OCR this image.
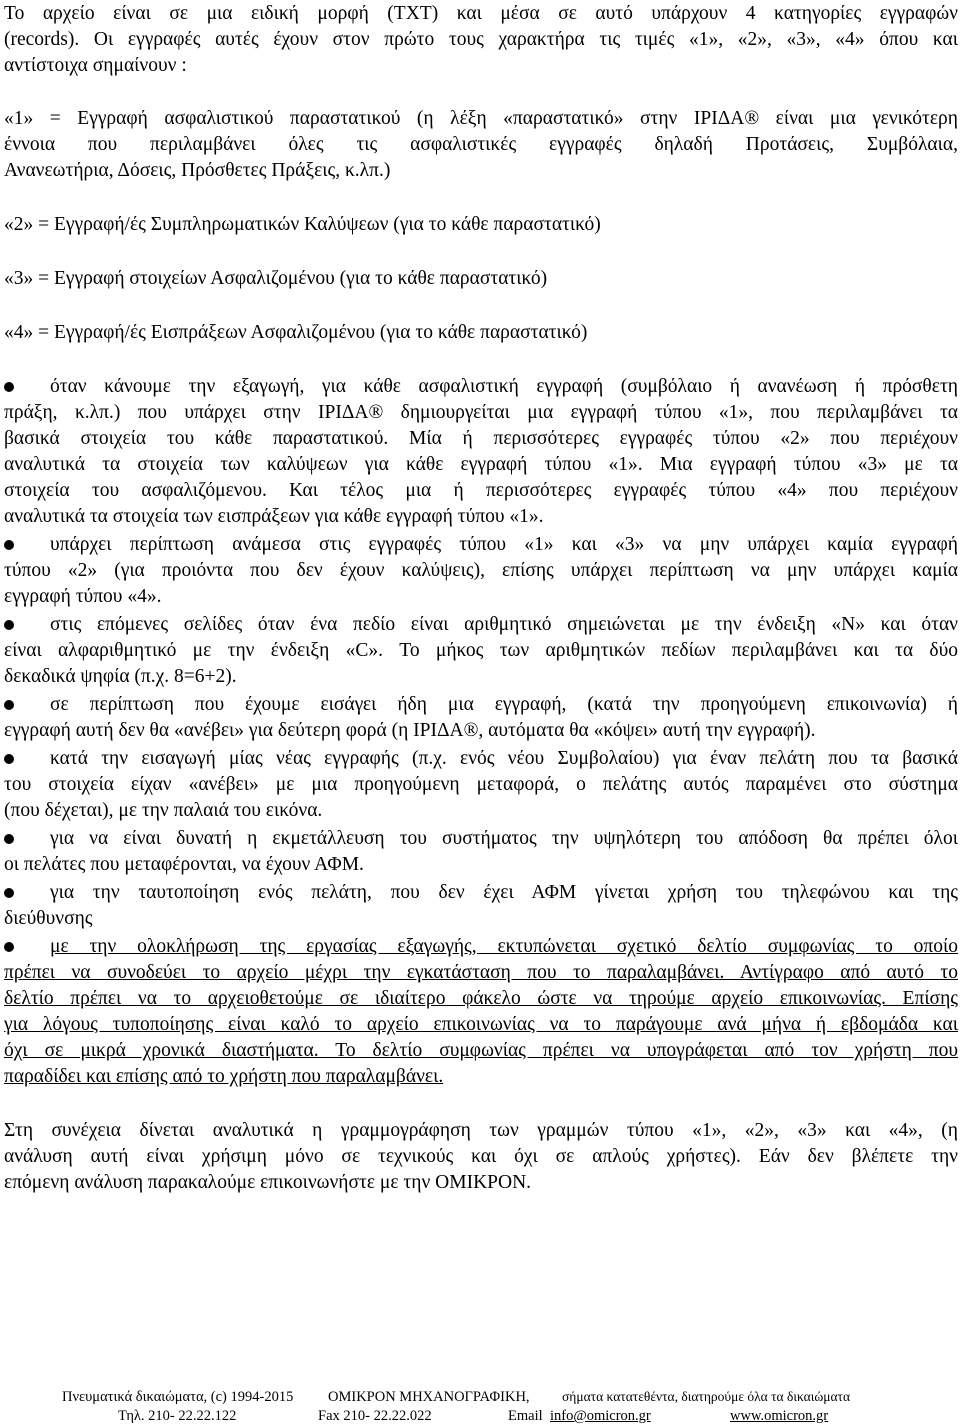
Το αρχείο είναι σε μια ειδική μορφή (TXT) και μέσα σε αυτό υπάρχουν 4 κατηγορίες εγγραφών
(records). Οι εγγραφές αυτές έχουν στον πρώτο τους χαρακτήρα τις τιμές «1», «2», «3», «4» όπου και
αντίστοιχα σημαίνουν :
«1» = Εγγραφή ασφαλιστικού παραστατικού (η λέξη «παραστατικό» στην ΙΡΙΔΑ® είναι μια γενικότερη
έννοια που περιλαμβάνει όλες τις ασφαλιστικές εγγραφές δηλαδή Προτάσεις, Συμβόλαια,
Ανανεωτήρια, Δόσεις, Πρόσθετες Πράξεις, κ.λπ.)
«2» = Εγγραφή/ές Συμπληρωματικών Καλύψεων (για το κάθε παραστατικό)
«3» = Εγγραφή στοιχείων Ασφαλιζομένου (για το κάθε παραστατικό)
«4» = Εγγραφή/ές Εισπράξεων Ασφαλιζομένου (για το κάθε παραστατικό)
όταν κάνουμε την εξαγωγή, για κάθε ασφαλιστική εγγραφή (συμβόλαιο ή ανανέωση ή πρόσθετη
πράξη, κ.λπ.) που υπάρχει στην ΙΡΙΔΑ® δημιουργείται μια εγγραφή τύπου «1», που περιλαμβάνει τα
βασικά στοιχεία του κάθε παραστατικού. Μία ή περισσότερες εγγραφές τύπου «2» που περιέχουν
αναλυτικά τα στοιχεία των καλύψεων για κάθε εγγραφή τύπου «1». Μια εγγραφή τύπου «3» με τα
στοιχεία του ασφαλιζόμενου. Και τέλος μια ή περισσότερες εγγραφές τύπου «4» που περιέχουν
αναλυτικά τα στοιχεία των εισπράξεων για κάθε εγγραφή τύπου «1».
υπάρχει περίπτωση ανάμεσα στις εγγραφές τύπου «1» και «3» να μην υπάρχει καμία εγγραφή
τύπου «2» (για προιόντα που δεν έχουν καλύψεις), επίσης υπάρχει περίπτωση να μην υπάρχει καμία
εγγραφή τύπου «4».
στις επόμενες σελίδες όταν ένα πεδίο είναι αριθμητικό σημειώνεται με την ένδειξη «Ν» και όταν
είναι αλφαριθμητικό με την ένδειξη «C». Το μήκος των αριθμητικών πεδίων περιλαμβάνει και τα δύο
δεκαδικά ψηφία (π.χ. 8=6+2).
σε περίπτωση που έχουμε εισάγει ήδη μια εγγραφή, (κατά την προηγούμενη επικοινωνία) ή
εγγραφή αυτή δεν θα «ανέβει» για δεύτερη φορά (η ΙΡΙΔΑ®, αυτόματα θα «κόψει» αυτή την εγγραφή).
κατά την εισαγωγή μίας νέας εγγραφής (π.χ. ενός νέου Συμβολαίου) για έναν πελάτη που τα βασικά
του στοιχεία είχαν «ανέβει» με μια προηγούμενη μεταφορά, ο πελάτης αυτός παραμένει στο σύστημα
(που δέχεται), με την παλαιά του εικόνα.
για να είναι δυνατή η εκμετάλλευση του συστήματος την υψηλότερη του απόδοση θα πρέπει όλοι
οι πελάτες που μεταφέρονται, να έχουν ΑΦΜ.
για την ταυτοποίηση ενός πελάτη, που δεν έχει ΑΦΜ γίνεται χρήση του τηλεφώνου και της
διεύθυνσης
με την ολοκλήρωση της εργασίας εξαγωγής, εκτυπώνεται σχετικό δελτίο συμφωνίας το οποίο
πρέπει να συνοδεύει το αρχείο μέχρι την εγκατάσταση που το παραλαμβάνει. Αντίγραφο από αυτό το
δελτίο πρέπει να το αρχειοθετούμε σε ιδιαίτερο φάκελο ώστε να τηρούμε αρχείο επικοινωνίας. Επίσης
για λόγους τυποποίησης είναι καλό το αρχείο επικοινωνίας να το παράγουμε ανά μήνα ή εβδομάδα και
όχι σε μικρά χρονικά διαστήματα. Το δελτίο συμφωνίας πρέπει να υπογράφεται από τον χρήστη που
παραδίδει και επίσης από το χρήστη που παραλαμβάνει.
Στη συνέχεια δίνεται αναλυτικά η γραμμογράφηση των γραμμών τύπου «1», «2», «3» και «4», (η
ανάλυση αυτή είναι χρήσιμη μόνο σε τεχνικούς και όχι σε απλούς χρήστες). Εάν δεν βλέπετε την
επόμενη ανάλυση παρακαλούμε επικοινωνήστε με την ΟΜΙΚΡΟΝ.
Πνευματικά δικαιώματα, (c) 1994-2015 ΟΜΙΚΡΟΝ ΜΗΧΑΝΟΓΡΑΦΙΚΗ, σήματα κατατεθέντα, διατηρούμε όλα τα δικαιώματα
Τηλ. 210- 22.22.122	Fax 210- 22.22.022	Email info@omicron.gr	www.omicron.gr
